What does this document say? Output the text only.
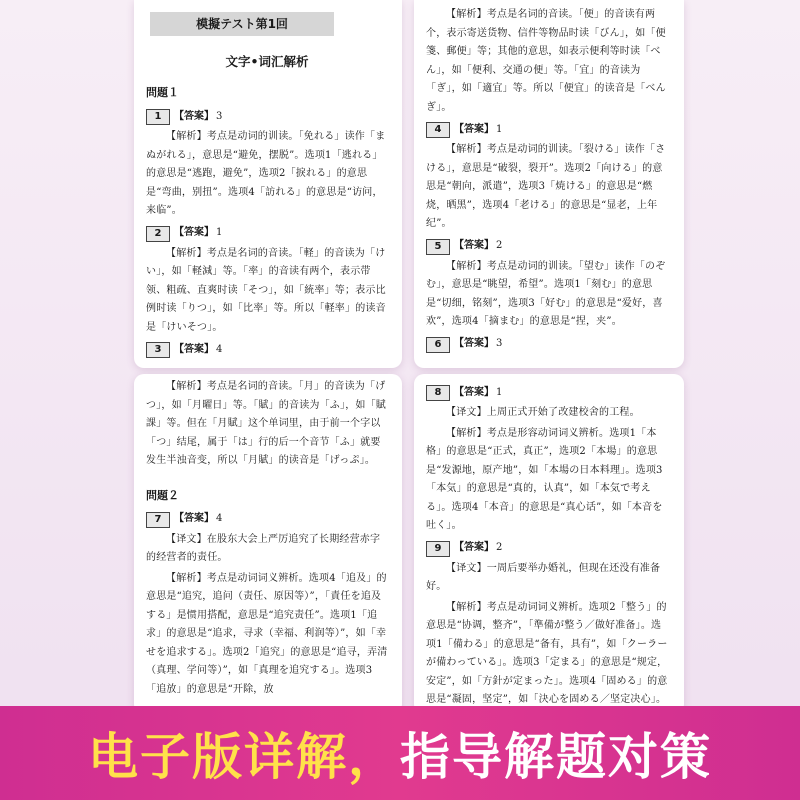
模擬テスト第1回
文字•词汇解析
問題１
1	【答案】 3

【解析】考点是动词的训读。「免れる」读作「まぬがれる」，意思是“避免，摆脱”。选项1「逃れる」的意思是“逃跑，避免”，选项2「捩れる」的意思是“弯曲，别扭”。选项4「訪れる」的意思是“访问，来临”。

2	【答案】 1

【解析】考点是名词的音读。「軽」的音读为「けい」，如「軽減」等。「率」的音读有两个，表示带领、粗疏、直爽时读「そつ」，如「統率」等；表示比例时读「りつ」，如「比率」等。所以「軽率」的读音是「けいそつ」。

3	【答案】 4

【解析】考点是名词的音读。「便」的音读有两个，表示寄送货物、信件等物品时读「びん」，如「便箋、郵便」等；其他的意思，如表示便利等时读「べん」，如「便利、交通の便」等。「宜」的音读为「ぎ」，如「適宜」等。所以「便宜」的读音是「べんぎ」。

4	【答案】 1

【解析】考点是动词的训读。「裂ける」读作「さける」，意思是“破裂，裂开”。选项2「向ける」的意思是“朝向，派遣”，选项3「焼ける」的意思是“燃烧，晒黑”，选项4「老ける」的意思是“显老，上年纪”。

5	【答案】 2

【解析】考点是动词的训读。「望む」读作「のぞむ」，意思是“眺望，希望”。选项1「刻む」的意思是“切细，铭刻”，选项3「好む」的意思是“爱好，喜欢”，选项4「摘まむ」的意思是“捏，夹”。

6	【答案】 3

【解析】考点是名词的音读。「月」的音读为「げつ」，如「月曜日」等。「賦」的音读为「ふ」，如「賦課」等。但在「月賦」这个单词里，由于前一个字以「つ」结尾，属于「は」行的后一个音节「ふ」就要发生半浊音变，所以「月賦」的读音是「げっぷ」。

問題２
7	【答案】 4

【译文】在股东大会上严厉追究了长期经营赤字的经营者的责任。

【解析】考点是动词词义辨析。选项4「追及」的意思是“追究，追问（责任、原因等）”，「責任を追及する」是惯用搭配，意思是“追究责任”。选项1「追求」的意思是“追求，寻求（幸福、利润等）”，如「幸せを追求する」。选项2「追究」的意思是“追寻，弄清（真理、学问等）”，如「真理を追究する」。选项3「追放」的意思是“开除，放

8	【答案】 1

【译文】上周正式开始了改建校舍的工程。

【解析】考点是形容动词词义辨析。选项1「本格」的意思是“正式，真正”，选项2「本場」的意思是“发源地，原产地”，如「本場の日本料理」。选项3「本気」的意思是“真的，认真”，如「本気で考える」。选项4「本音」的意思是“真心话”，如「本音を吐く」。

9	【答案】 2

【译文】一周后要举办婚礼，但现在还没有准备好。

【解析】考点是动词词义辨析。选项2「整う」的意思是“协调，整齐”，「準備が整う／做好准备」。选项1「備わる」的意思是“备有，具有”，如「クーラーが備わっている」。选项3「定まる」的意思是“规定，安定”，如「方針が定まった」。选项4「固める」的意思是“凝固，坚定”，如「決心を固める／坚定决心」。

电子版详解，指导解题对策
